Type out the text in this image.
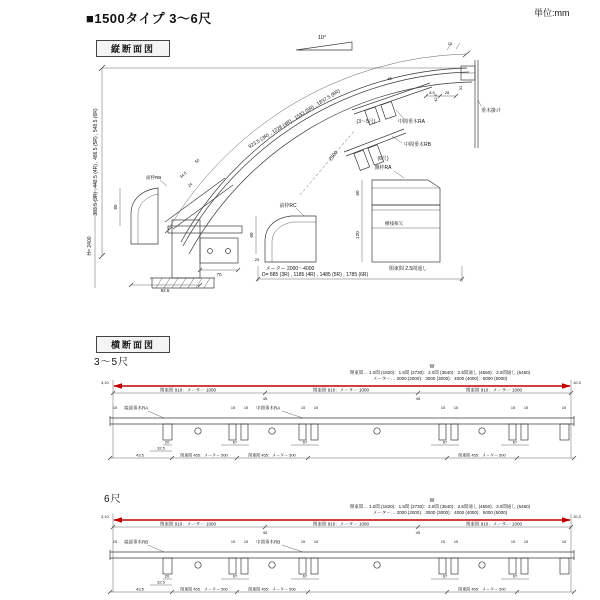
■1500タイプ 3〜6尺	単位:mm
縦断面図
10°
15
383.5 (3R) , 442.5 (4R) , 486.5 (5R) , 548.5 (6R)	923.5 (3R) , 1228 (4R) , 1533 (5R) , 1837.5 (6R)
2500
8.5 28
31
垂木掛け
46
42.5
(3〜5尺)	中間垂木RA
中間垂木RB
(6尺)
側枠RA
面枠RB
80
H= 2400
50
34.5
24
70
92.5
前枠RC
60
25
横桟相欠
60
120
メーター 2000〜4000	関東間 2.5間通し
D= 885 (3R) , 1185 (4R) , 1485 (5R) , 1785 (6R)
横断面図
3〜5尺	W
関東間… 1.0間 (1820)：1.5間 (2730)：2.0間 (3640)：2.5間通し (4550)：3.0間通し (5460)
メーター… 2000 (2000)：3000 (3000)：4000 (4000)：5000 (5000)
3,10	10,3
関東間 910：メーター 1000	関東間 910：メーター 1000	関東間 910：メーター 1000
45	45
15 端部垂木RA	15 15 中間垂木RA	15 15	15 15	15 15	15
20	67	67	67	67
32.5
43.5	関東間 455：メーター 500	関東間 455：メーター 500	関東間 455：メーター 500
6尺	W
関東間… 1.0間 (1820)：1.5間 (2730)：2.0間 (3640)：2.5間通し (4550)：3.0間通し (5460)
メーター… 2000 (2000)：3000 (3000)：4000 (4000)：5000 (5000)
3,10	10,3
関東間 910：メーター 1000	関東間 910：メーター 1000	関東間 910：メーター 1000
45	45
15 端部垂木RB	15 15 中間垂木RB	15 15	15 15	15 15	15
20	67	67	67	67
32.5
43.5	関東間 455：メーター 500	関東間 455：メーター 500	関東間 455：メーター 500
